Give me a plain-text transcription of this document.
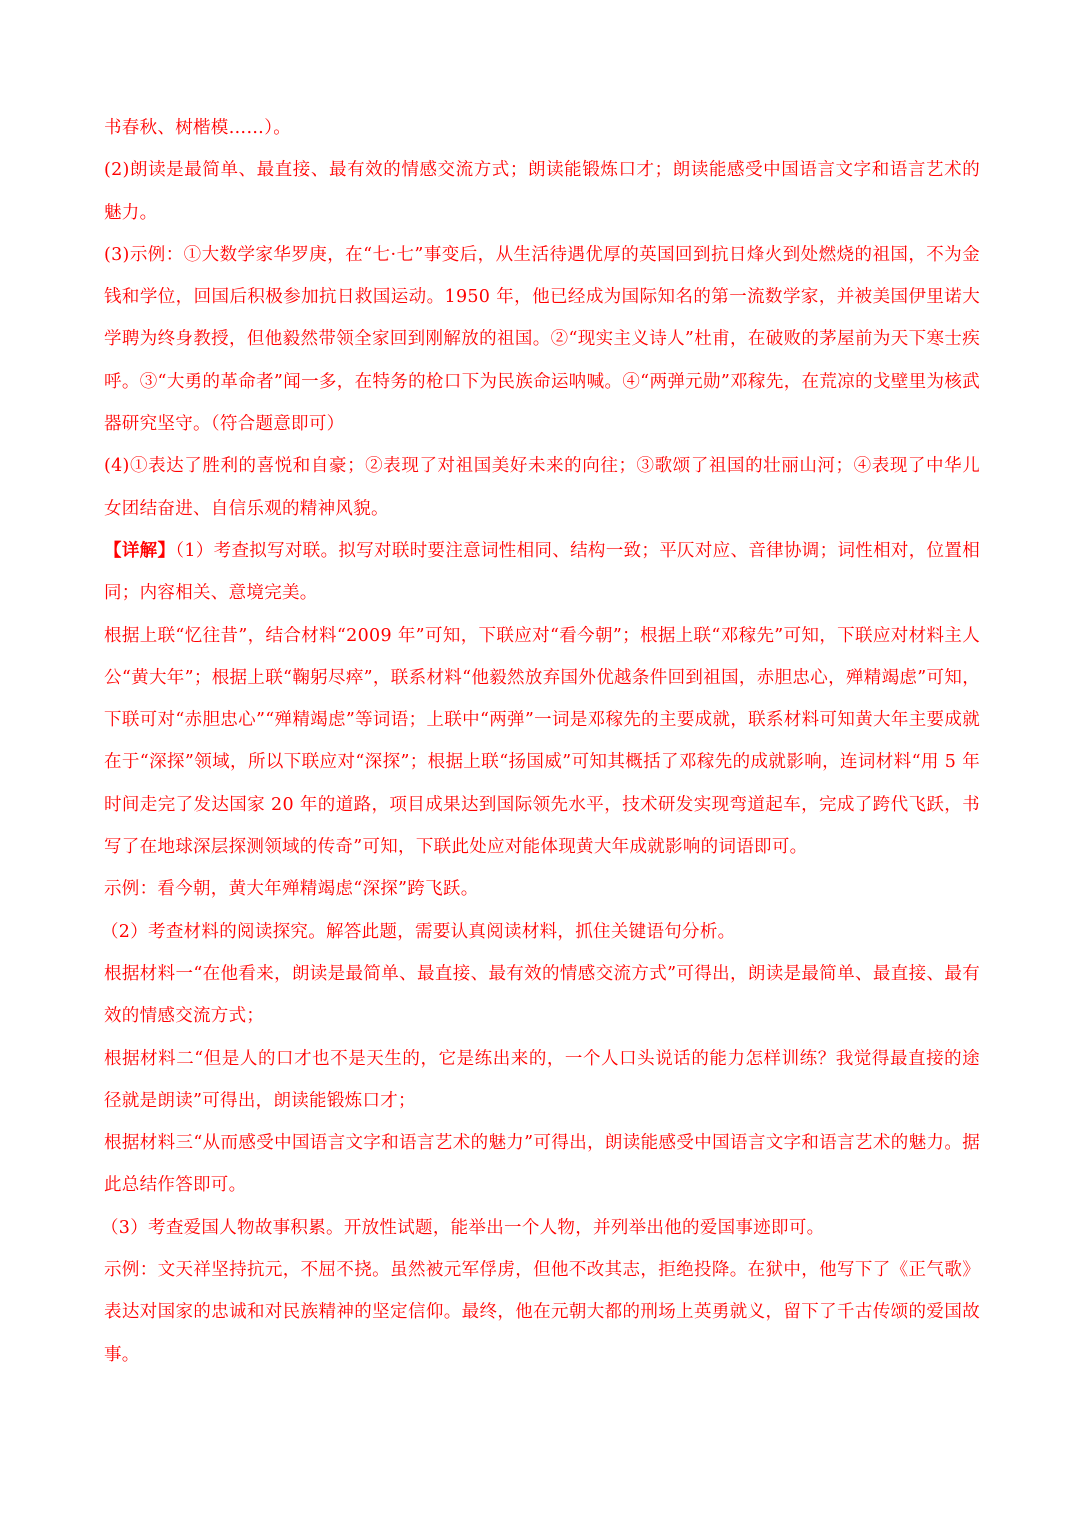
书春秋、树楷模……）。

(2)朗读是最简单、最直接、最有效的情感交流方式；朗读能锻炼口才；朗读能感受中国语言文字和语言艺术的魅力。

(3)示例：①大数学家华罗庚，在“七·七”事变后，从生活待遇优厚的英国回到抗日烽火到处燃烧的祖国，不为金钱和学位，回国后积极参加抗日救国运动。1950 年，他已经成为国际知名的第一流数学家，并被美国伊里诺大学聘为终身教授，但他毅然带领全家回到刚解放的祖国。②“现实主义诗人”杜甫，在破败的茅屋前为天下寒士疾呼。③“大勇的革命者”闻一多，在特务的枪口下为民族命运呐喊。④“两弹元勋”邓稼先，在荒凉的戈壁里为核武器研究坚守。（符合题意即可）

(4)①表达了胜利的喜悦和自豪；②表现了对祖国美好未来的向往；③歌颂了祖国的壮丽山河；④表现了中华儿女团结奋进、自信乐观的精神风貌。

【详解】（1）考查拟写对联。拟写对联时要注意词性相同、结构一致；平仄对应、音律协调；词性相对，位置相同；内容相关、意境完美。

根据上联“忆往昔”，结合材料“2009 年”可知，下联应对“看今朝”；根据上联“邓稼先”可知，下联应对材料主人公“黄大年”；根据上联“鞠躬尽瘁”，联系材料“他毅然放弃国外优越条件回到祖国，赤胆忠心，殚精竭虑”可知，下联可对“赤胆忠心”“殚精竭虑”等词语；上联中“两弹”一词是邓稼先的主要成就，联系材料可知黄大年主要成就在于“深探”领域，所以下联应对“深探”；根据上联“扬国威”可知其概括了邓稼先的成就影响，连词材料“用 5 年时间走完了发达国家 20 年的道路，项目成果达到国际领先水平，技术研发实现弯道起车，完成了跨代飞跃，书写了在地球深层探测领域的传奇”可知，下联此处应对能体现黄大年成就影响的词语即可。

示例：看今朝，黄大年殚精竭虑“深探”跨飞跃。

（2）考查材料的阅读探究。解答此题，需要认真阅读材料，抓住关键语句分析。

根据材料一“在他看来，朗读是最简单、最直接、最有效的情感交流方式”可得出，朗读是最简单、最直接、最有效的情感交流方式；

根据材料二“但是人的口才也不是天生的，它是练出来的，一个人口头说话的能力怎样训练？我觉得最直接的途径就是朗读”可得出，朗读能锻炼口才；

根据材料三“从而感受中国语言文字和语言艺术的魅力”可得出，朗读能感受中国语言文字和语言艺术的魅力。据此总结作答即可。

（3）考查爱国人物故事积累。开放性试题，能举出一个人物，并列举出他的爱国事迹即可。

示例：文天祥坚持抗元，不屈不挠。虽然被元军俘虏，但他不改其志，拒绝投降。在狱中，他写下了《正气歌》表达对国家的忠诚和对民族精神的坚定信仰。最终，他在元朝大都的刑场上英勇就义，留下了千古传颂的爱国故事。
